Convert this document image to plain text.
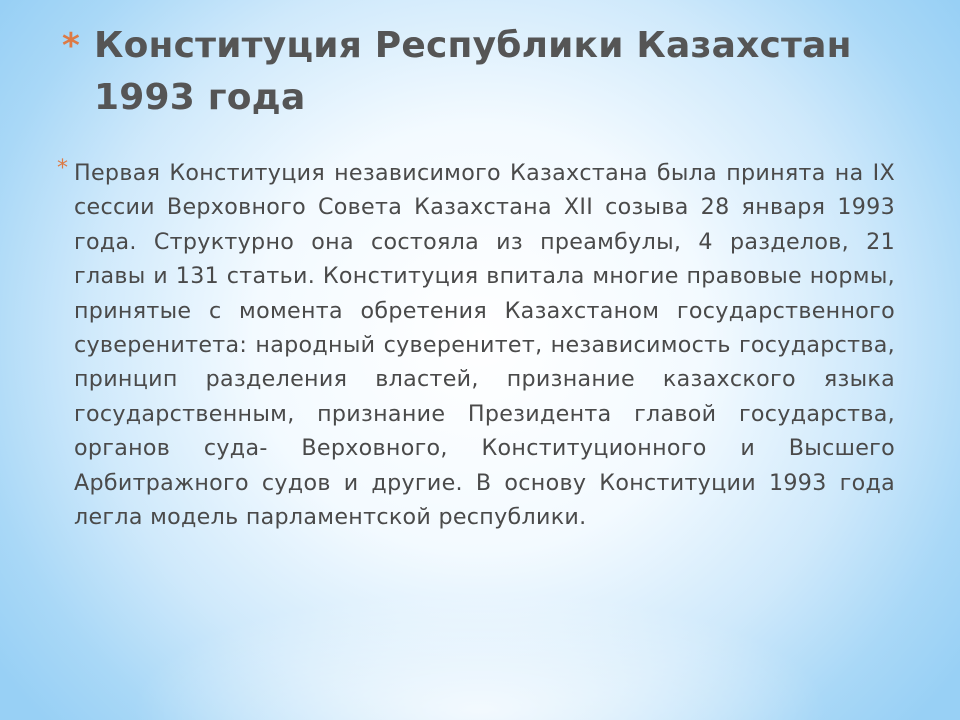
* Конституция Республики Казахстан 1993 года
* Первая Конституция независимого Казахстана была принята на IX сессии Верховного Совета Казахстана XII созыва 28 января 1993 года. Структурно она состояла из преамбулы, 4 разделов, 21 главы и 131 статьи. Конституция впитала многие правовые нормы, принятые с момента обретения Казахстаном государственного суверенитета: народный суверенитет, независимость государства, принцип разделения властей, признание казахского языка государственным, признание Президента главой государства, органов суда- Верховного, Конституционного и Высшего Арбитражного судов и другие. В основу Конституции 1993 года легла модель парламентской республики.
